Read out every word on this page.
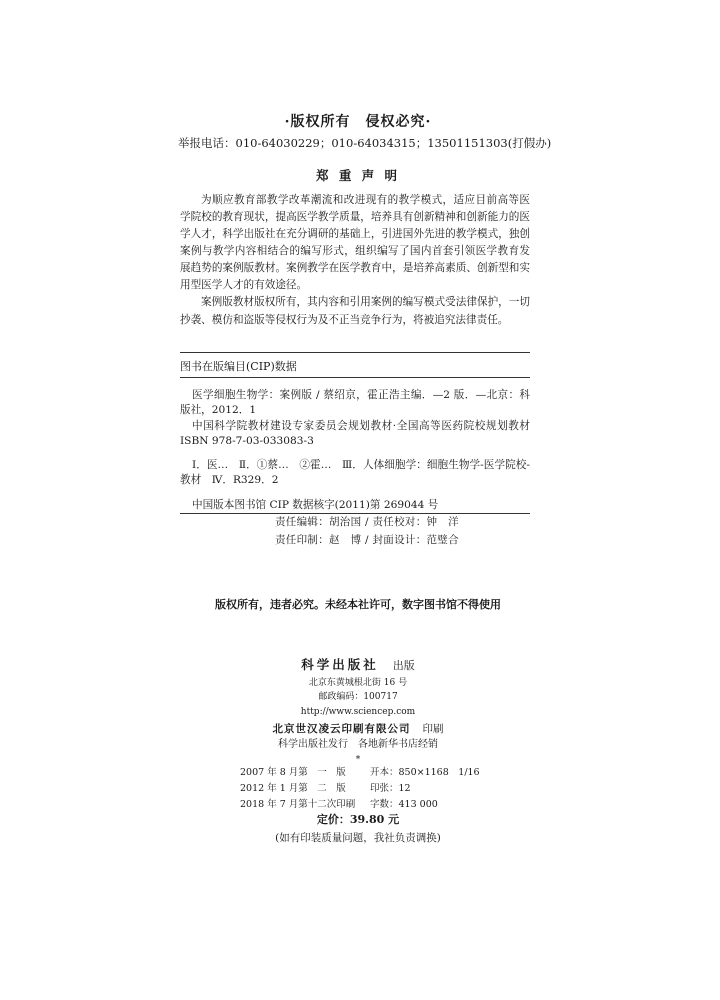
·版权所有　侵权必究·
举报电话：010-64030229；010-64034315；13501151303(打假办)
郑 重 声 明
为顺应教育部教学改革潮流和改进现有的教学模式，适应目前高等医
学院校的教育现状，提高医学教学质量，培养具有创新精神和创新能力的医
学人才，科学出版社在充分调研的基础上，引进国外先进的教学模式，独创
案例与教学内容相结合的编写形式，组织编写了国内首套引领医学教育发
展趋势的案例版教材。案例教学在医学教育中，是培养高素质、创新型和实
用型医学人才的有效途径。
案例版教材版权所有，其内容和引用案例的编写模式受法律保护，一切
抄袭、模仿和盗版等侵权行为及不正当竞争行为，将被追究法律责任。
图书在版编目(CIP)数据
医学细胞生物学：案例版 / 蔡绍京，霍正浩主编．—2 版．—北京：科
版社，2012．1
中国科学院教材建设专家委员会规划教材·全国高等医药院校规划教材
ISBN 978-7-03-033083-3
Ⅰ．医…　Ⅱ．①蔡…　②霍…　Ⅲ．人体细胞学：细胞生物学-医学院校-
教材　Ⅳ．R329．2
中国版本图书馆 CIP 数据核字(2011)第 269044 号
责任编辑：胡治国 / 责任校对：钟　洋
责任印制：赵　博 / 封面设计：范璧合
版权所有，违者必究。未经本社许可，数字图书馆不得使用
科学出版社 出版
北京东黄城根北街 16 号
邮政编码：100717
http://www.sciencep.com
北京世汉凌云印刷有限公司 印刷
科学出版社发行　各地新华书店经销
*
2007 年 8 月第　一　版	开本：850×1168　1/16
2012 年 1 月第　二　版	印张：12
2018 年 7 月第十二次印刷 字数：413 000
定价：39.80 元
(如有印装质量问题，我社负责调换)
